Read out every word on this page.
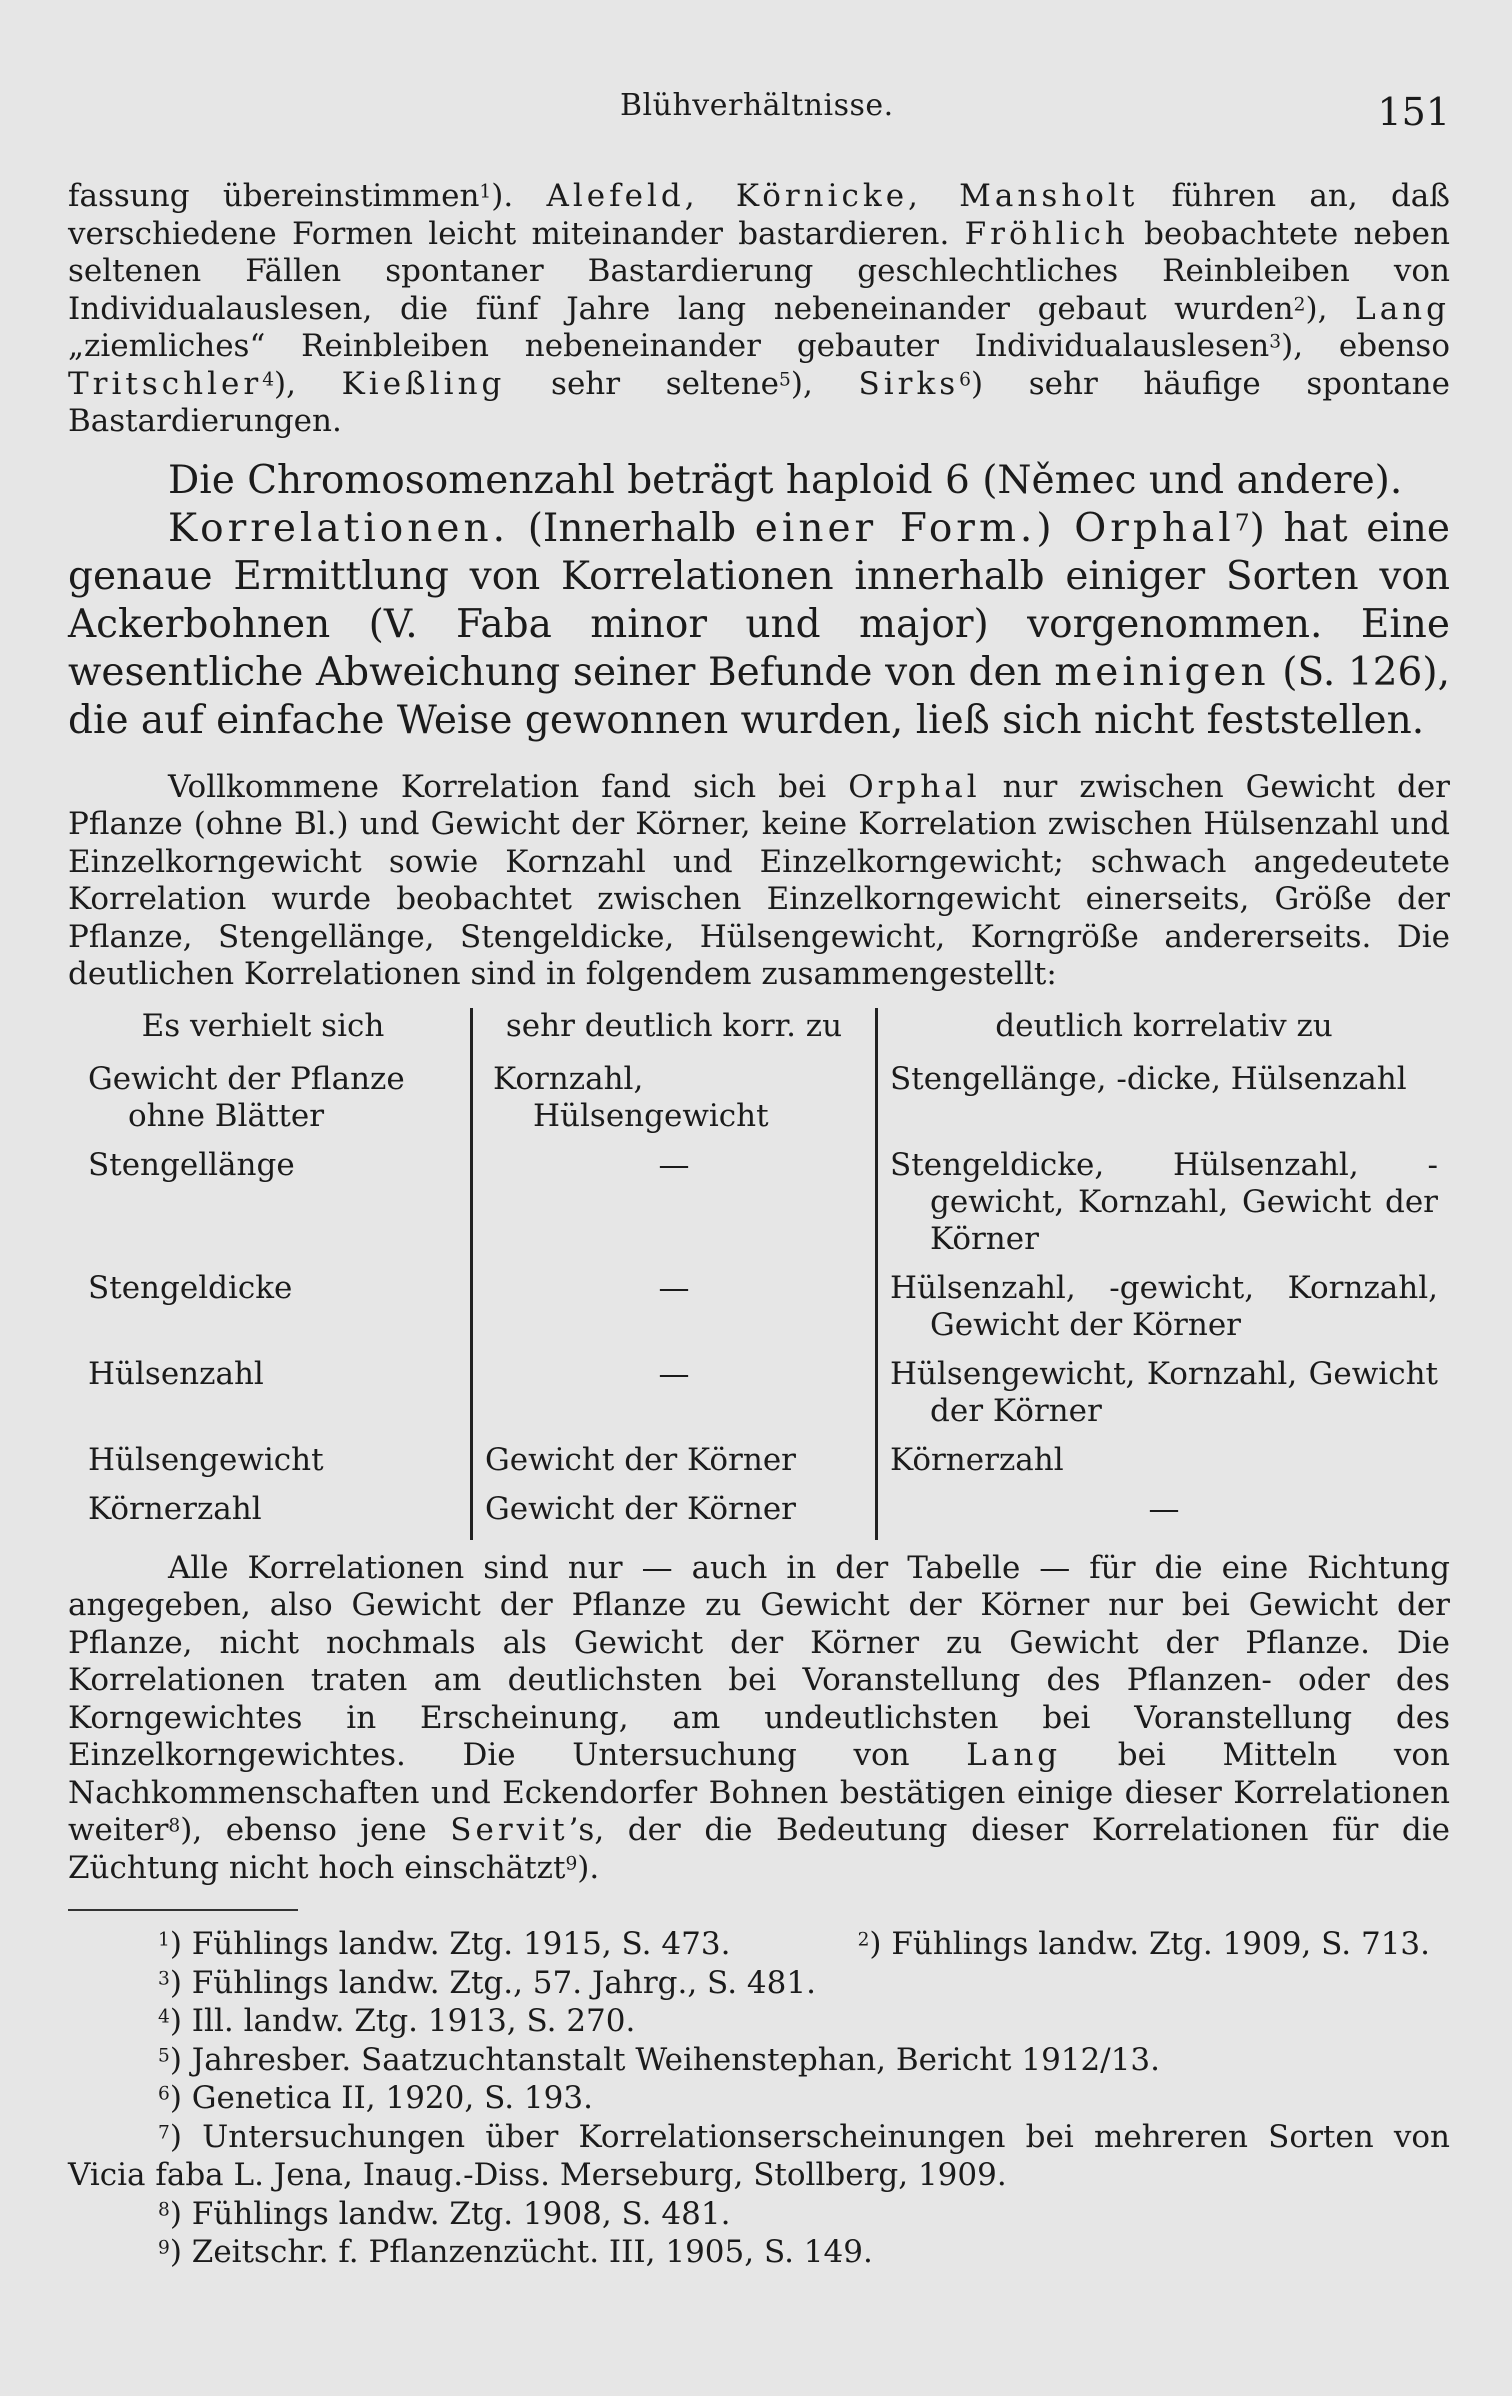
Blühverhältnisse.	151

fassung übereinstimmen$^1$). Alefeld, Körnicke, Mansholt führen an, daß verschiedene Formen leicht miteinander bastardieren. Fröhlich beobachtete neben seltenen Fällen spontaner Bastardierung geschlechtliches Reinbleiben von Individualauslesen, die fünf Jahre lang nebeneinander gebaut wurden$^2$), Lang „ziemliches“ Reinbleiben nebeneinander gebauter Individualauslesen$^3$), ebenso Tritschler$^4$), Kießling sehr seltene$^5$), Sirks$^6$) sehr häufige spontane Bastardierungen.

Die Chromosomenzahl beträgt haploid 6 (Němec und andere).

Korrelationen. (Innerhalb einer Form.) Orphal$^7$) hat eine genaue Ermittlung von Korrelationen innerhalb einiger Sorten von Ackerbohnen (V. Faba minor und major) vorgenommen. Eine wesentliche Abweichung seiner Befunde von den meinigen (S. 126), die auf einfache Weise gewonnen wurden, ließ sich nicht feststellen.

Vollkommene Korrelation fand sich bei Orphal nur zwischen Gewicht der Pflanze (ohne Bl.) und Gewicht der Körner, keine Korrelation zwischen Hülsenzahl und Einzelkorngewicht sowie Kornzahl und Einzelkorngewicht; schwach angedeutete Korrelation wurde beobachtet zwischen Einzelkorngewicht einerseits, Größe der Pflanze, Stengellänge, Stengeldicke, Hülsengewicht, Korngröße andererseits. Die deutlichen Korrelationen sind in folgendem zusammengestellt:

Es verhielt sich	sehr deutlich korr. zu	deutlich korrelativ zu
Gewicht der Pflanze ohne Blätter	Kornzahl, Hülsengewicht	Stengellänge, -dicke, Hülsenzahl
Stengellänge	—	Stengeldicke, Hülsenzahl, -gewicht, Kornzahl, Gewicht der Körner
Stengeldicke	—	Hülsenzahl, -gewicht, Kornzahl, Gewicht der Körner
Hülsenzahl	—	Hülsengewicht, Kornzahl, Gewicht der Körner
Hülsengewicht	Gewicht der Körner	Körnerzahl
Körnerzahl	Gewicht der Körner	—

Alle Korrelationen sind nur — auch in der Tabelle — für die eine Richtung angegeben, also Gewicht der Pflanze zu Gewicht der Körner nur bei Gewicht der Pflanze, nicht nochmals als Gewicht der Körner zu Gewicht der Pflanze. Die Korrelationen traten am deutlichsten bei Voranstellung des Pflanzen- oder des Korngewichtes in Erscheinung, am undeutlichsten bei Voranstellung des Einzelkorngewichtes. Die Untersuchung von Lang bei Mitteln von Nachkommenschaften und Eckendorfer Bohnen bestätigen einige dieser Korrelationen weiter$^8$), ebenso jene Servit’s, der die Bedeutung dieser Korrelationen für die Züchtung nicht hoch einschätzt$^9$).

$^1$) Fühlings landw. Ztg. 1915, S. 473.	$^2$) Fühlings landw. Ztg. 1909, S. 713.
$^3$) Fühlings landw. Ztg., 57. Jahrg., S. 481.
$^4$) Ill. landw. Ztg. 1913, S. 270.
$^5$) Jahresber. Saatzuchtanstalt Weihenstephan, Bericht 1912/13.
$^6$) Genetica II, 1920, S. 193.

$^7$) Untersuchungen über Korrelationserscheinungen bei mehreren Sorten von Vicia faba L. Jena, Inaug.-Diss. Merseburg, Stollberg, 1909.

$^8$) Fühlings landw. Ztg. 1908, S. 481.
$^9$) Zeitschr. f. Pflanzenzücht. III, 1905, S. 149.
